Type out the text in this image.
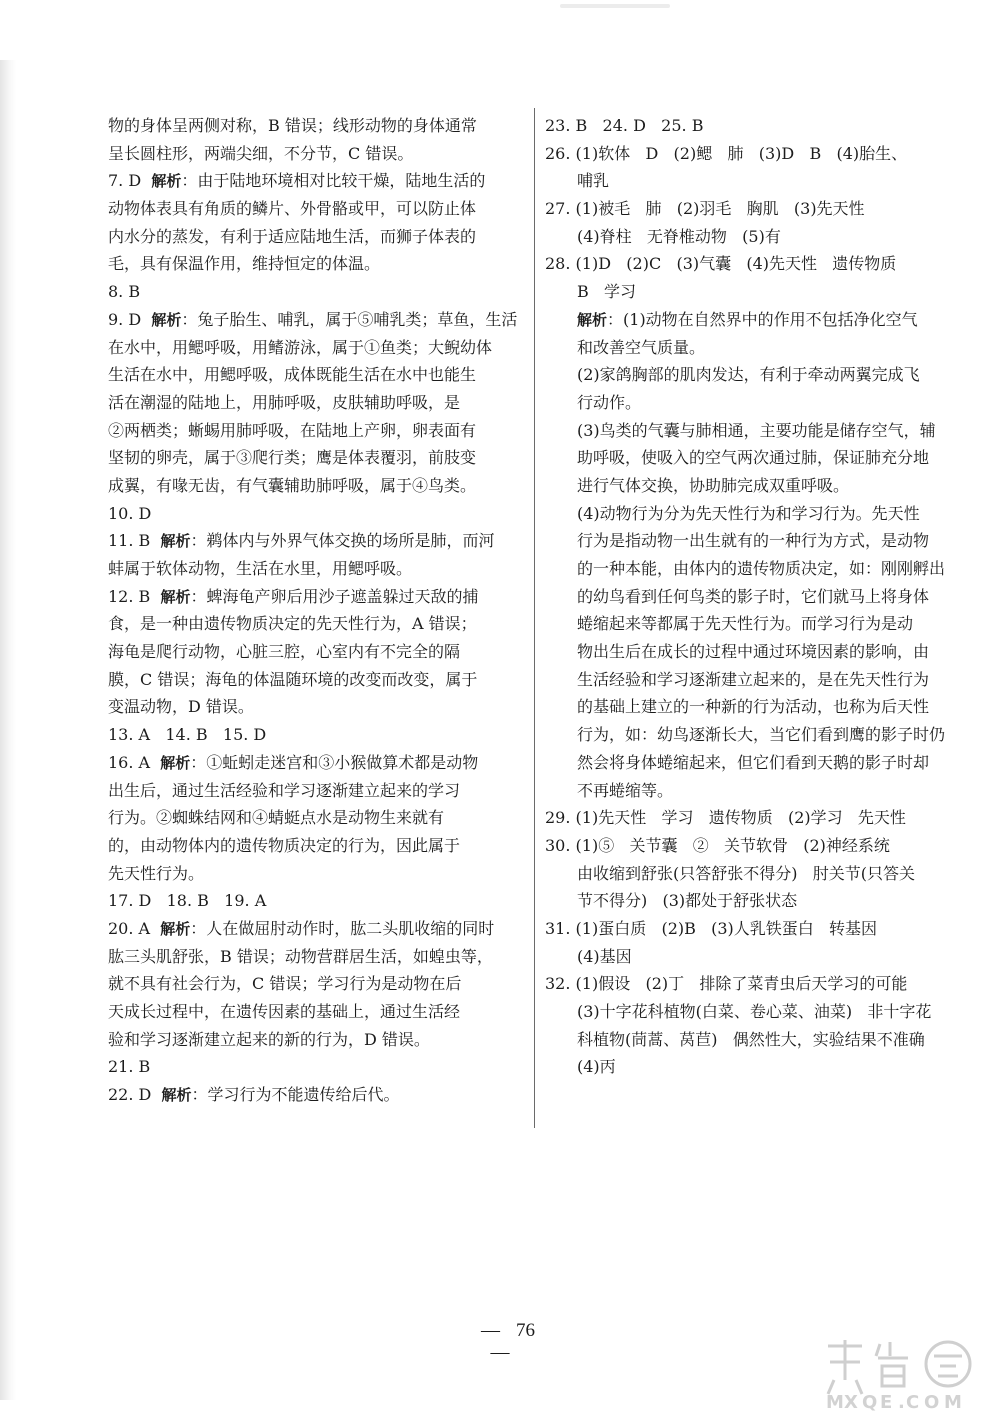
物的身体呈两侧对称，B 错误；线形动物的身体通常
呈长圆柱形，两端尖细，不分节，C 错误。
7. D  解析：由于陆地环境相对比较干燥，陆地生活的
动物体表具有角质的鳞片、外骨骼或甲，可以防止体
内水分的蒸发，有利于适应陆地生活，而狮子体表的
毛，具有保温作用，维持恒定的体温。
8. B
9. D  解析：兔子胎生、哺乳，属于⑤哺乳类；草鱼，生活
在水中，用鳃呼吸，用鳍游泳，属于①鱼类；大鲵幼体
生活在水中，用鳃呼吸，成体既能生活在水中也能生
活在潮湿的陆地上，用肺呼吸，皮肤辅助呼吸，是
②两栖类；蜥蜴用肺呼吸，在陆地上产卵，卵表面有
坚韧的卵壳，属于③爬行类；鹰是体表覆羽，前肢变
成翼，有喙无齿，有气囊辅助肺呼吸，属于④鸟类。
10. D
11. B  解析：鹈体内与外界气体交换的场所是肺，而河
蚌属于软体动物，生活在水里，用鳃呼吸。
12. B  解析：蜱海龟产卵后用沙子遮盖躲过天敌的捕
食，是一种由遗传物质决定的先天性行为，A 错误；
海龟是爬行动物，心脏三腔，心室内有不完全的隔
膜，C 错误；海龟的体温随环境的改变而改变，属于
变温动物，D 错误。
13. A   14. B   15. D
16. A  解析：①蚯蚓走迷宫和③小猴做算术都是动物
出生后，通过生活经验和学习逐渐建立起来的学习
行为。②蜘蛛结网和④蜻蜓点水是动物生来就有
的，由动物体内的遗传物质决定的行为，因此属于
先天性行为。
17. D   18. B   19. A
20. A  解析：人在做屈肘动作时，肱二头肌收缩的同时
肱三头肌舒张，B 错误；动物营群居生活，如蝗虫等，
就不具有社会行为，C 错误；学习行为是动物在后
天成长过程中，在遗传因素的基础上，通过生活经
验和学习逐渐建立起来的新的行为，D 错误。
21. B
22. D  解析：学习行为不能遗传给后代。
23. B   24. D   25. B
26. (1)软体   D   (2)鳃   肺   (3)D   B   (4)胎生、
哺乳
27. (1)被毛   肺   (2)羽毛   胸肌   (3)先天性
(4)脊柱   无脊椎动物   (5)有
28. (1)D   (2)C   (3)气囊   (4)先天性   遗传物质
B   学习
解析：(1)动物在自然界中的作用不包括净化空气
和改善空气质量。
(2)家鸽胸部的肌肉发达，有利于牵动两翼完成飞
行动作。
(3)鸟类的气囊与肺相通，主要功能是储存空气，辅
助呼吸，使吸入的空气两次通过肺，保证肺充分地
进行气体交换，协助肺完成双重呼吸。
(4)动物行为分为先天性行为和学习行为。先天性
行为是指动物一出生就有的一种行为方式，是动物
的一种本能，由体内的遗传物质决定，如：刚刚孵出
的幼鸟看到任何鸟类的影子时，它们就马上将身体
蜷缩起来等都属于先天性行为。而学习行为是动
物出生后在成长的过程中通过环境因素的影响，由
生活经验和学习逐渐建立起来的，是在先天性行为
的基础上建立的一种新的行为活动，也称为后天性
行为，如：幼鸟逐渐长大，当它们看到鹰的影子时仍
然会将身体蜷缩起来，但它们看到天鹅的影子时却
不再蜷缩等。
29. (1)先天性   学习   遗传物质   (2)学习   先天性
30. (1)⑤   关节囊   ②   关节软骨   (2)神经系统
由收缩到舒张(只答舒张不得分)   肘关节(只答关
节不得分)   (3)都处于舒张状态
31. (1)蛋白质   (2)B   (3)人乳铁蛋白   转基因
(4)基因
32. (1)假设   (2)丁   排除了菜青虫后天学习的可能
(3)十字花科植物(白菜、卷心菜、油菜)   非十字花
科植物(茼蒿、莴苣)   偶然性大，实验结果不准确
(4)丙
— 76—
M X Q E . C O M
